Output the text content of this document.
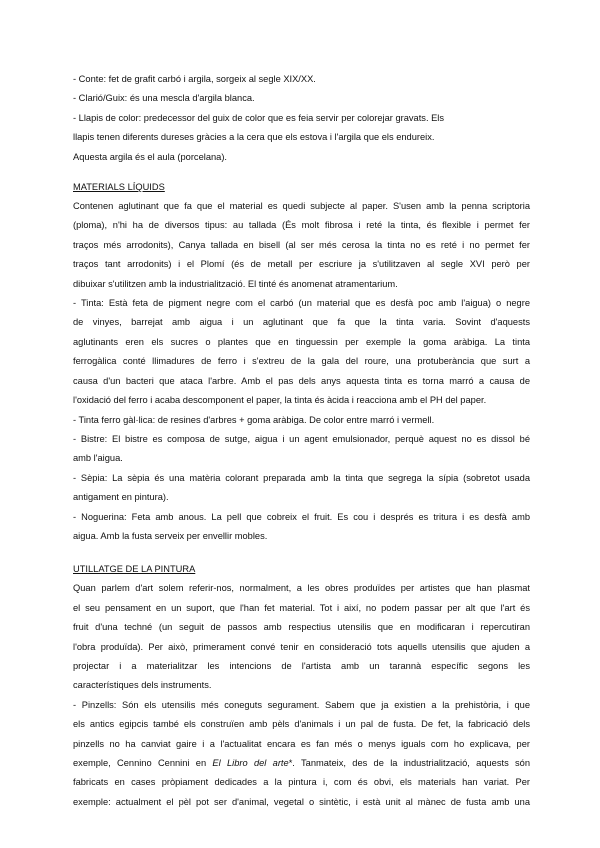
- Conte: fet de grafit carbó i argila, sorgeix al segle XIX/XX.

- Clarió/Guix: és una mescla d'argila blanca.

- Llapis de color: predecessor del guix de color que es feia servir per colorejar gravats. Els

llapis tenen diferents dureses gràcies a la cera que els estova i l'argila que els endureix.

Aquesta argila és el aula (porcelana).

MATERIALS LÍQUIDS

Contenen aglutinant que fa que el material es quedi subjecte al paper. S'usen amb la penna scriptoria

(ploma), n'hi ha de diversos tipus: au tallada (És molt fibrosa i reté la tinta, és flexible i permet fer

traços més arrodonits), Canya tallada en bisell (al ser més cerosa la tinta no es reté i no permet fer

traços tant arrodonits) i el Plomí (és de metall per escriure ja s'utilitzaven al segle XVI però per

dibuixar s'utilitzen amb la industrialització. El tinté és anomenat atramentarium.

- Tinta: Està feta de pigment negre com el carbó (un material que es desfà poc amb l'aigua) o negre

de vinyes, barrejat amb aigua i un aglutinant que fa que la tinta varia. Sovint d'aquests

aglutinants eren els sucres o plantes que en tinguessin per exemple la goma aràbiga. La tinta

ferrogàlica conté llimadures de ferro i s'extreu de la gala del roure, una protuberància que surt a

causa d'un bacteri que ataca l'arbre. Amb el pas dels anys aquesta tinta es torna marró a causa de

l'oxidació del ferro i acaba descomponent el paper, la tinta és àcida i reacciona amb el PH del paper.

- Tinta ferro gàl·lica: de resines d'arbres + goma aràbiga. De color entre marró i vermell.

- Bistre: El bistre es composa de sutge, aigua i un agent emulsionador, perquè aquest no es dissol bé

amb l'aigua.

- Sèpia: La sèpia és una matèria colorant preparada amb la tinta que segrega la sípia (sobretot usada

antigament en pintura).

- Noguerina: Feta amb anous. La pell que cobreix el fruit. Es cou i després es tritura i es desfà amb

aigua. Amb la fusta serveix per envellir mobles.

UTILLATGE DE LA PINTURA

Quan parlem d'art solem referir-nos, normalment, a les obres produïdes per artistes que han plasmat

el seu pensament en un suport, que l'han fet material. Tot i així, no podem passar per alt que l'art és

fruit d'una techné (un seguit de passos amb respectius utensilis que en modificaran i repercutiran

l'obra produïda). Per això, primerament convé tenir en consideració tots aquells utensilis que ajuden a

projectar i a materialitzar les intencions de l'artista amb un tarannà específic segons les

característiques dels instruments.

- Pinzells: Són els utensilis més coneguts segurament. Sabem que ja existien a la prehistòria, i que

els antics egipcis també els construïen amb pèls d'animals i un pal de fusta. De fet, la fabricació dels

pinzells no ha canviat gaire i a l'actualitat encara es fan més o menys iguals com ho explicava, per

exemple, Cennino Cennini en El Libro del arte*. Tanmateix, des de la industrialització, aquests són

fabricats en cases pròpiament dedicades a la pintura i, com és obvi, els materials han variat. Per

exemple: actualment el pèl pot ser d'animal, vegetal o sintètic, i està unit al mànec de fusta amb una
